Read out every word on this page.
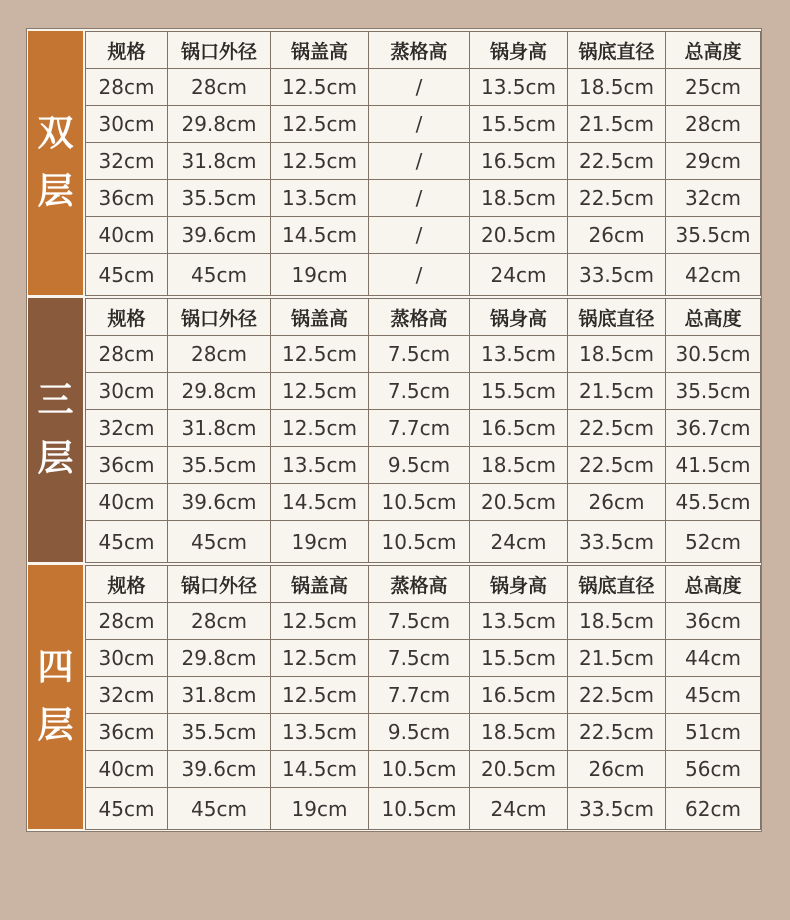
双
层
规格	锅口外径	锅盖高	蒸格高	锅身高	锅底直径	总高度
28cm	28cm	12.5cm	/	13.5cm	18.5cm	25cm
30cm	29.8cm	12.5cm	/	15.5cm	21.5cm	28cm
32cm	31.8cm	12.5cm	/	16.5cm	22.5cm	29cm
36cm	35.5cm	13.5cm	/	18.5cm	22.5cm	32cm
40cm	39.6cm	14.5cm	/	20.5cm	26cm	35.5cm
45cm	45cm	19cm	/	24cm	33.5cm	42cm
三
层
规格	锅口外径	锅盖高	蒸格高	锅身高	锅底直径	总高度
28cm	28cm	12.5cm	7.5cm	13.5cm	18.5cm	30.5cm
30cm	29.8cm	12.5cm	7.5cm	15.5cm	21.5cm	35.5cm
32cm	31.8cm	12.5cm	7.7cm	16.5cm	22.5cm	36.7cm
36cm	35.5cm	13.5cm	9.5cm	18.5cm	22.5cm	41.5cm
40cm	39.6cm	14.5cm	10.5cm	20.5cm	26cm	45.5cm
45cm	45cm	19cm	10.5cm	24cm	33.5cm	52cm
四
层
规格	锅口外径	锅盖高	蒸格高	锅身高	锅底直径	总高度
28cm	28cm	12.5cm	7.5cm	13.5cm	18.5cm	36cm
30cm	29.8cm	12.5cm	7.5cm	15.5cm	21.5cm	44cm
32cm	31.8cm	12.5cm	7.7cm	16.5cm	22.5cm	45cm
36cm	35.5cm	13.5cm	9.5cm	18.5cm	22.5cm	51cm
40cm	39.6cm	14.5cm	10.5cm	20.5cm	26cm	56cm
45cm	45cm	19cm	10.5cm	24cm	33.5cm	62cm
